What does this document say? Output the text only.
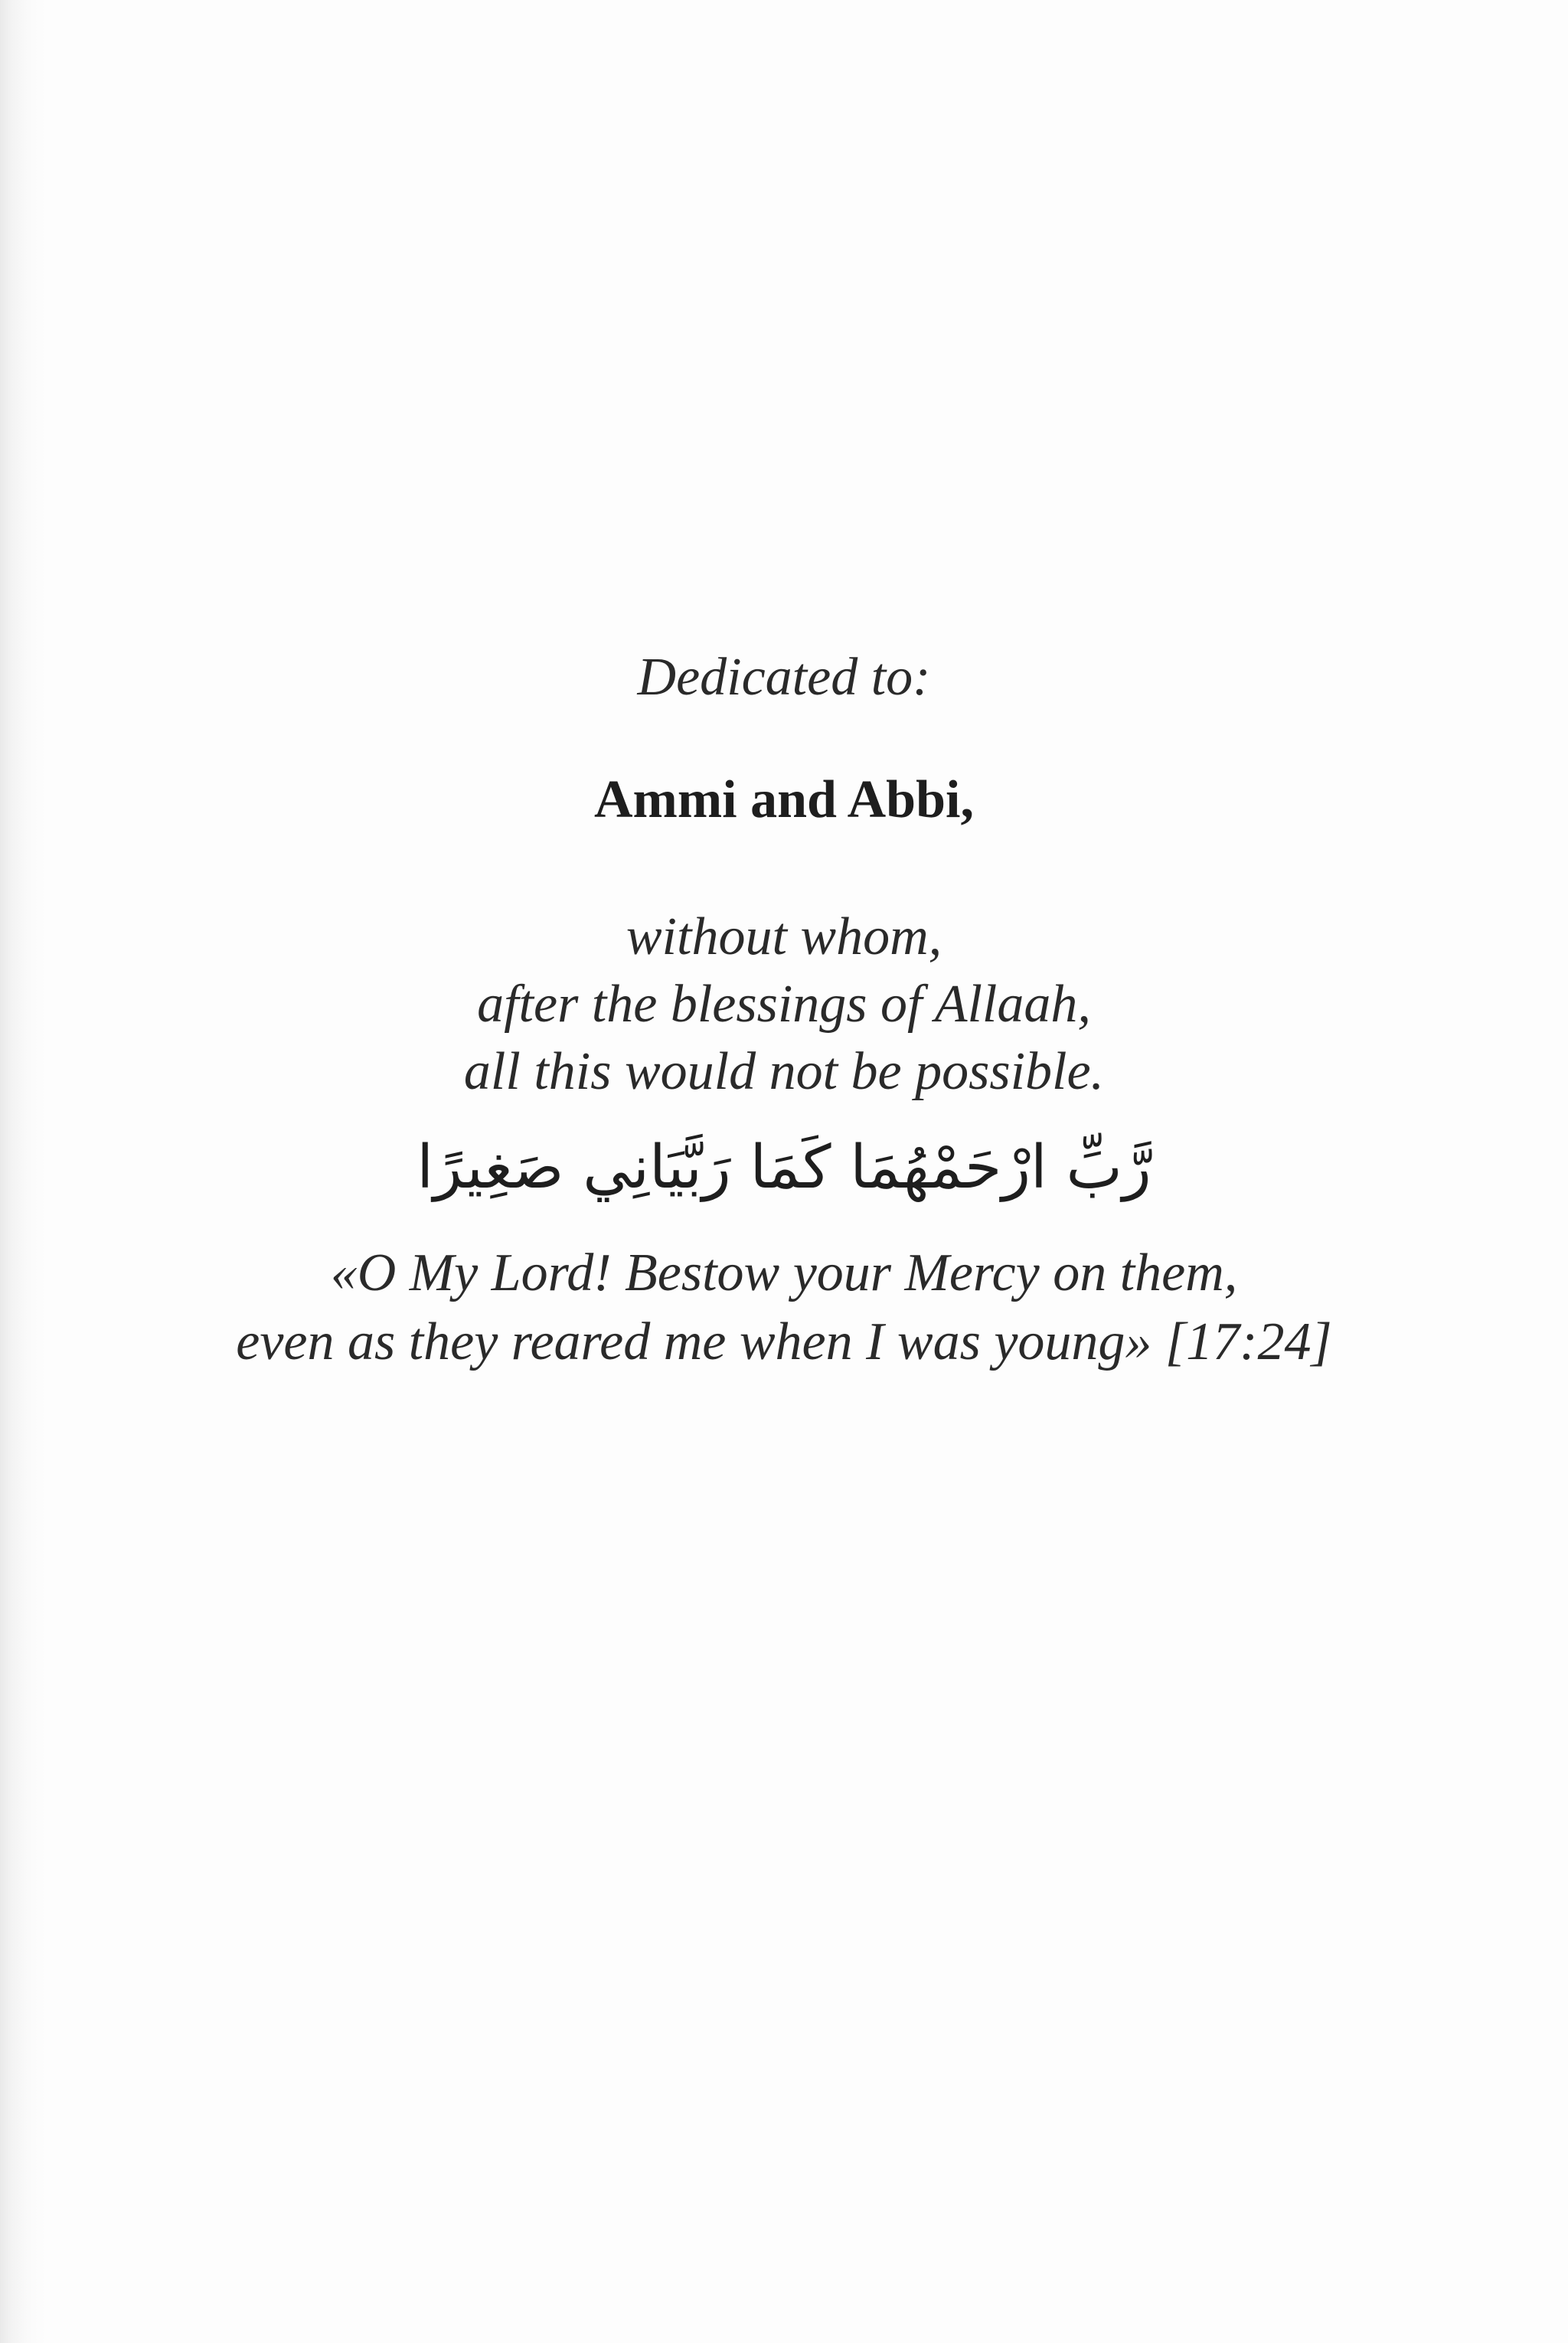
Dedicated to:
Ammi and Abbi,
without whom,
after the blessings of Allaah,
all this would not be possible.
رَّبِّ ارْحَمْهُمَا كَمَا رَبَّيَانِي صَغِيرًا
«O My Lord! Bestow your Mercy on them,
even as they reared me when I was young» [17:24]
